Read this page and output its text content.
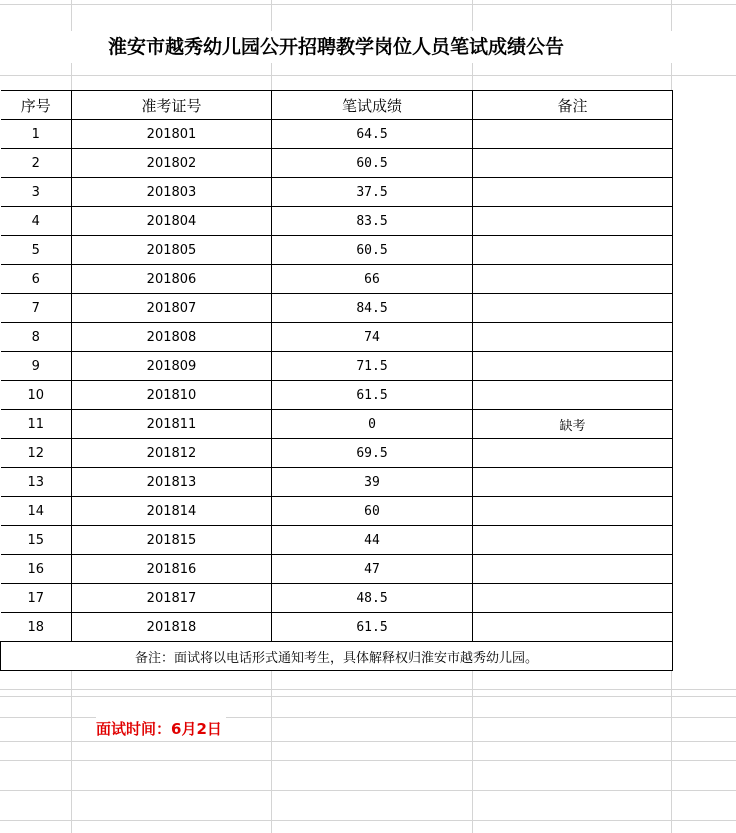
淮安市越秀幼儿园公开招聘教学岗位人员笔试成绩公告
序号	准考证号	笔试成绩	备注
1	201801	64.5	
2	201802	60.5	
3	201803	37.5	
4	201804	83.5	
5	201805	60.5	
6	201806	66	
7	201807	84.5	
8	201808	74	
9	201809	71.5	
10	201810	61.5	
11	201811	0	缺考
12	201812	69.5	
13	201813	39	
14	201814	60	
15	201815	44	
16	201816	47	
17	201817	48.5	
18	201818	61.5	
备注：面试将以电话形式通知考生，具体解释权归淮安市越秀幼儿园。			
面试时间：6月2日
